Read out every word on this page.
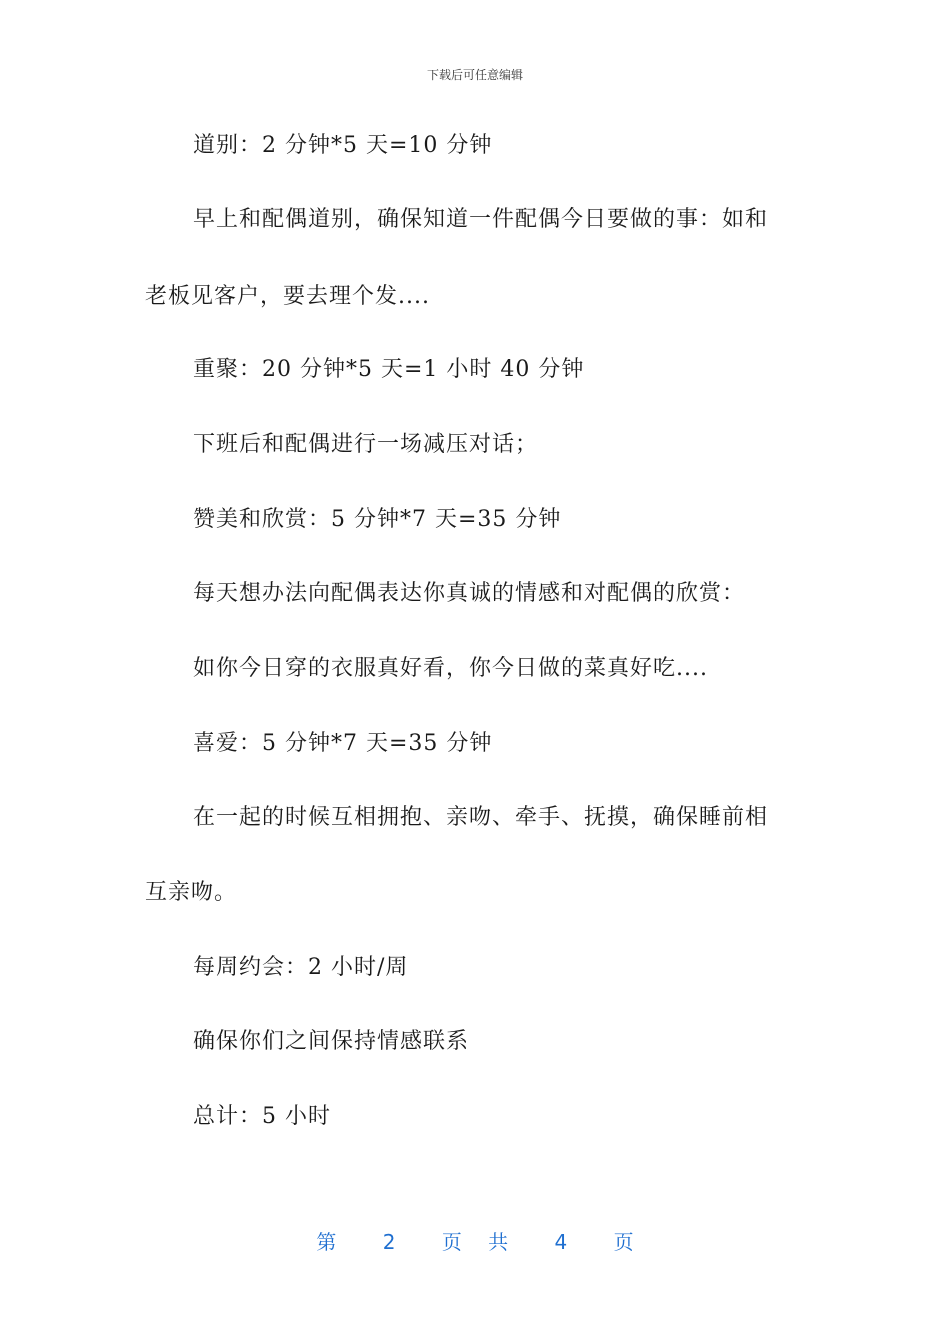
下载后可任意编辑
道别：2 分钟*5 天=10 分钟
早上和配偶道别，确保知道一件配偶今日要做的事：如和
老板见客户，要去理个发....
重聚：20 分钟*5 天=1 小时 40 分钟
下班后和配偶进行一场减压对话；
赞美和欣赏：5 分钟*7 天=35 分钟
每天想办法向配偶表达你真诚的情感和对配偶的欣赏：
如你今日穿的衣服真好看，你今日做的菜真好吃....
喜爱：5 分钟*7 天=35 分钟
在一起的时候互相拥抱、亲吻、牵手、抚摸，确保睡前相
互亲吻。
每周约会：2 小时/周
确保你们之间保持情感联系
总计：5 小时
第 2 页 共 4 页
